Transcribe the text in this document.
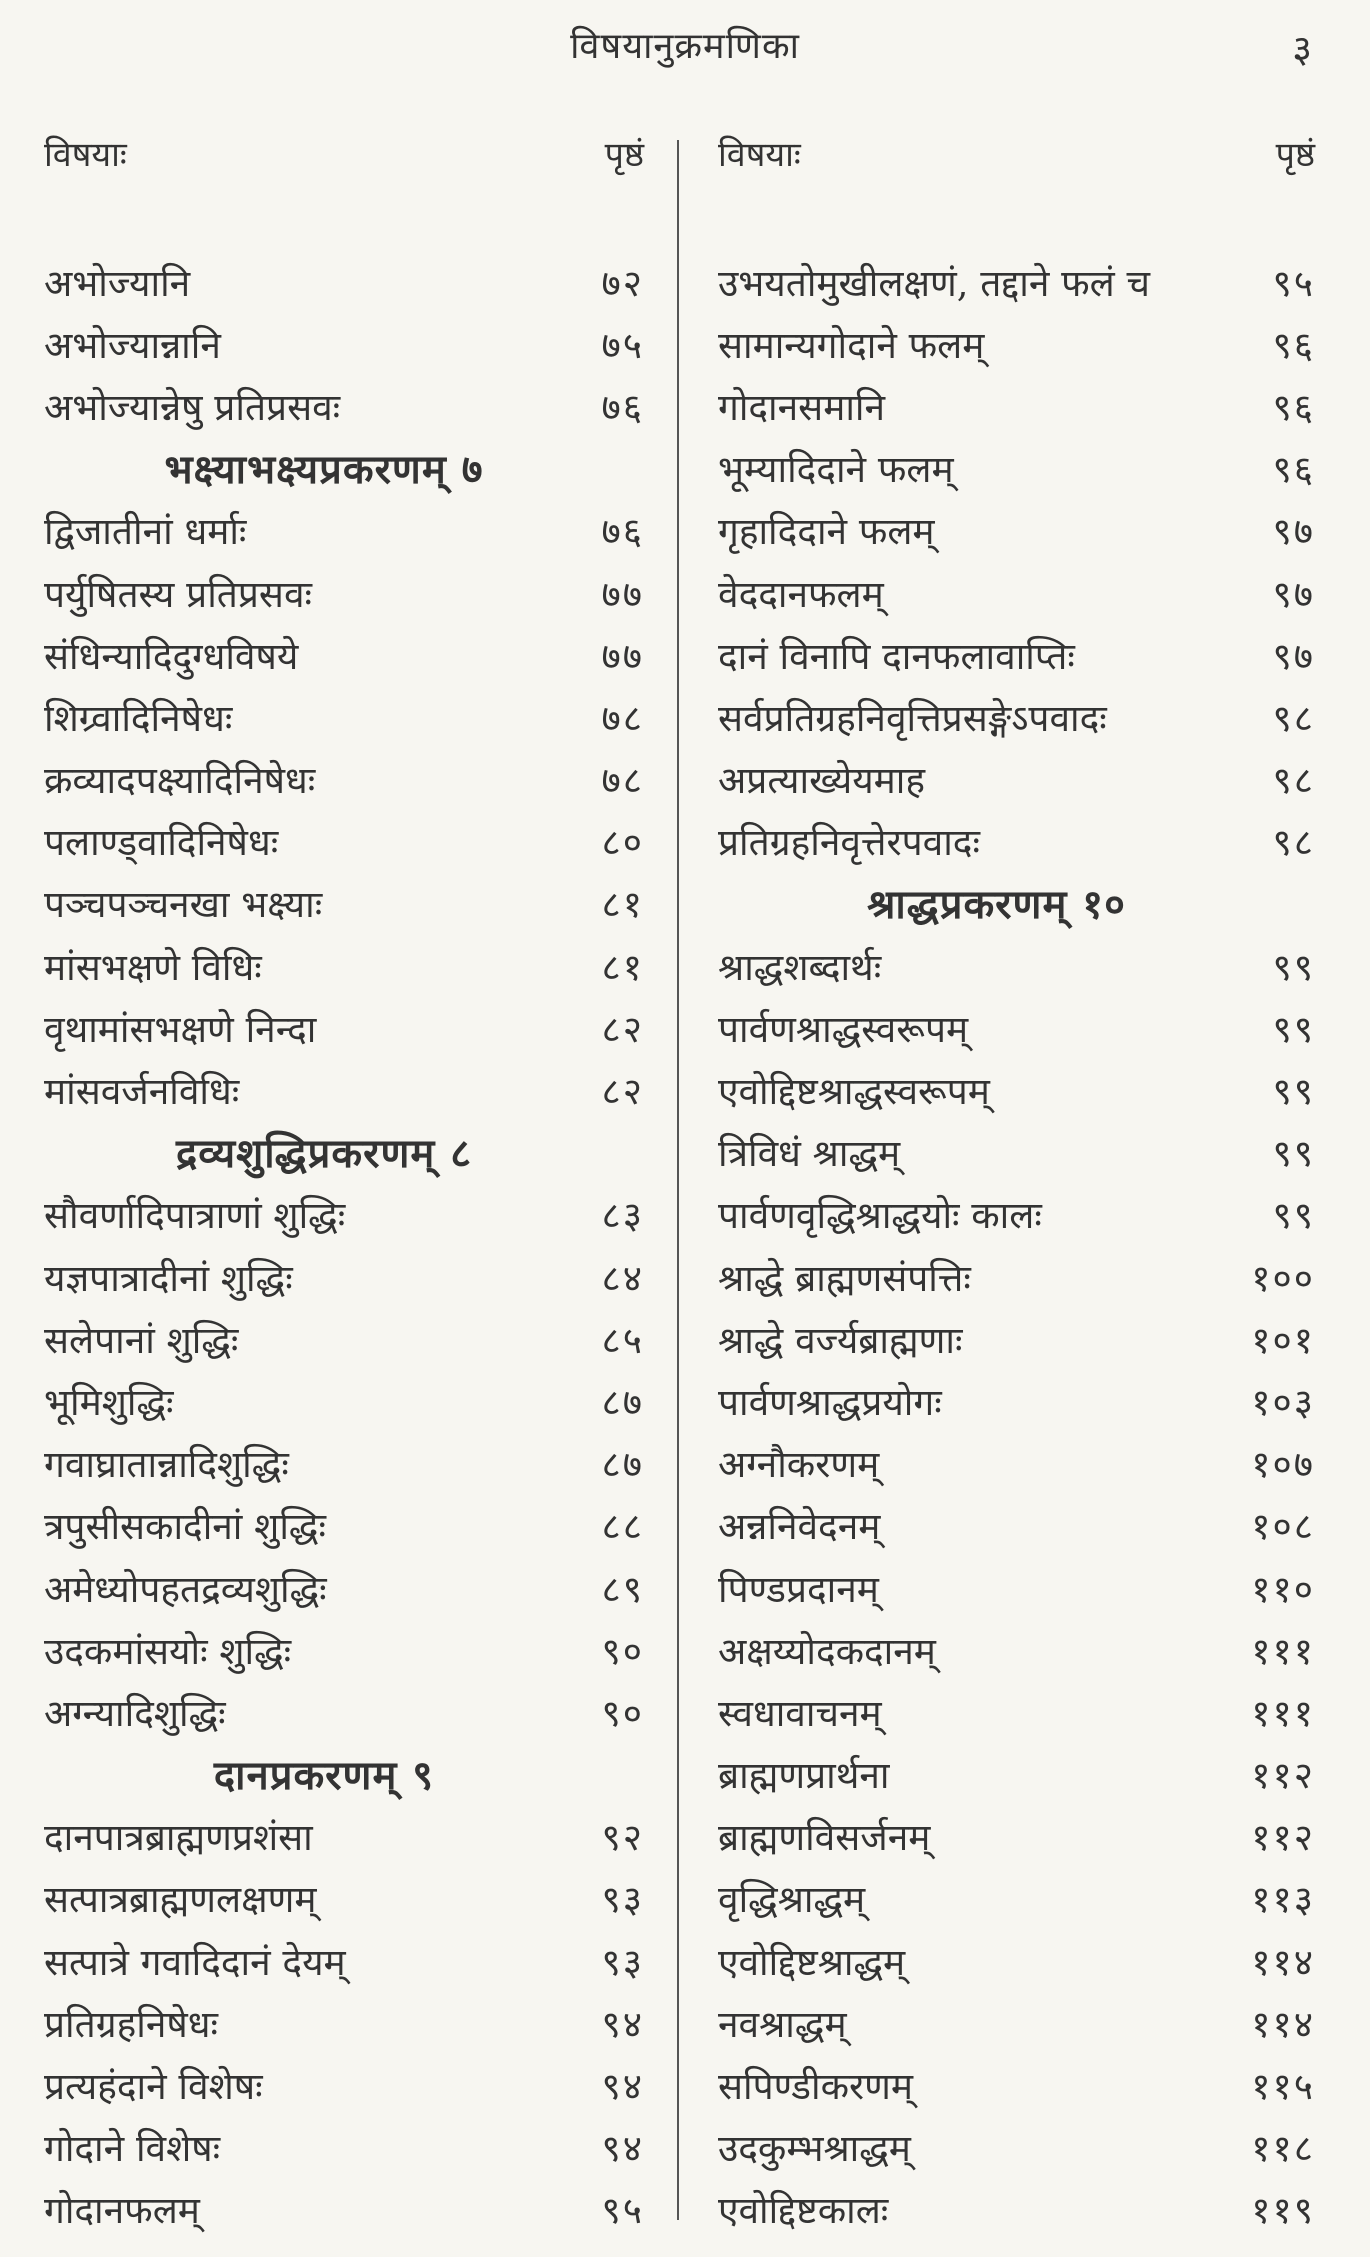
विषयानुक्रमणिका	३
विषयाः	पृष्ठं
अभोज्यानि	७२
अभोज्यान्नानि	७५
अभोज्यान्नेषु प्रतिप्रसवः	७६
भक्ष्याभक्ष्यप्रकरणम् ७
द्विजातीनां धर्माः	७६
पर्युषितस्य प्रतिप्रसवः	७७
संधिन्यादिदुग्धविषये	७७
शिग्र्वादिनिषेधः	७८
क्रव्यादपक्ष्यादिनिषेधः	७८
पलाण्ड्वादिनिषेधः	८०
पञ्चपञ्चनखा भक्ष्याः	८१
मांसभक्षणे विधिः	८१
वृथामांसभक्षणे निन्दा	८२
मांसवर्जनविधिः	८२
द्रव्यशुद्धिप्रकरणम् ८
सौवर्णादिपात्राणां शुद्धिः	८३
यज्ञपात्रादीनां शुद्धिः	८४
सलेपानां शुद्धिः	८५
भूमिशुद्धिः	८७
गवाघ्रातान्नादिशुद्धिः	८७
त्रपुसीसकादीनां शुद्धिः	८८
अमेध्योपहतद्रव्यशुद्धिः	८९
उदकमांसयोः शुद्धिः	९०
अग्न्यादिशुद्धिः	९०
दानप्रकरणम् ९
दानपात्रब्राह्मणप्रशंसा	९२
सत्पात्रब्राह्मणलक्षणम्	९३
सत्पात्रे गवादिदानं देयम्	९३
प्रतिग्रहनिषेधः	९४
प्रत्यहंदाने विशेषः	९४
गोदाने विशेषः	९४
गोदानफलम्	९५
विषयाः	पृष्ठं
उभयतोमुखीलक्षणं, तद्दाने फलं च	९५
सामान्यगोदाने फलम्	९६
गोदानसमानि	९६
भूम्यादिदाने फलम्	९६
गृहादिदाने फलम्	९७
वेददानफलम्	९७
दानं विनापि दानफलावाप्तिः	९७
सर्वप्रतिग्रहनिवृत्तिप्रसङ्गेऽपवादः	९८
अप्रत्याख्येयमाह	९८
प्रतिग्रहनिवृत्तेरपवादः	९८
श्राद्धप्रकरणम् १०
श्राद्धशब्दार्थः	९९
पार्वणश्राद्धस्वरूपम्	९९
एवोद्दिष्टश्राद्धस्वरूपम्	९९
त्रिविधं श्राद्धम्	९९
पार्वणवृद्धिश्राद्धयोः कालः	९९
श्राद्धे ब्राह्मणसंपत्तिः	१००
श्राद्धे वर्ज्यब्राह्मणाः	१०१
पार्वणश्राद्धप्रयोगः	१०३
अग्नौकरणम्	१०७
अन्ननिवेदनम्	१०८
पिण्डप्रदानम्	११०
अक्षय्योदकदानम्	१११
स्वधावाचनम्	१११
ब्राह्मणप्रार्थना	११२
ब्राह्मणविसर्जनम्	११२
वृद्धिश्राद्धम्	११३
एवोद्दिष्टश्राद्धम्	११४
नवश्राद्धम्	११४
सपिण्डीकरणम्	११५
उदकुम्भश्राद्धम्	११८
एवोद्दिष्टकालः	११९
